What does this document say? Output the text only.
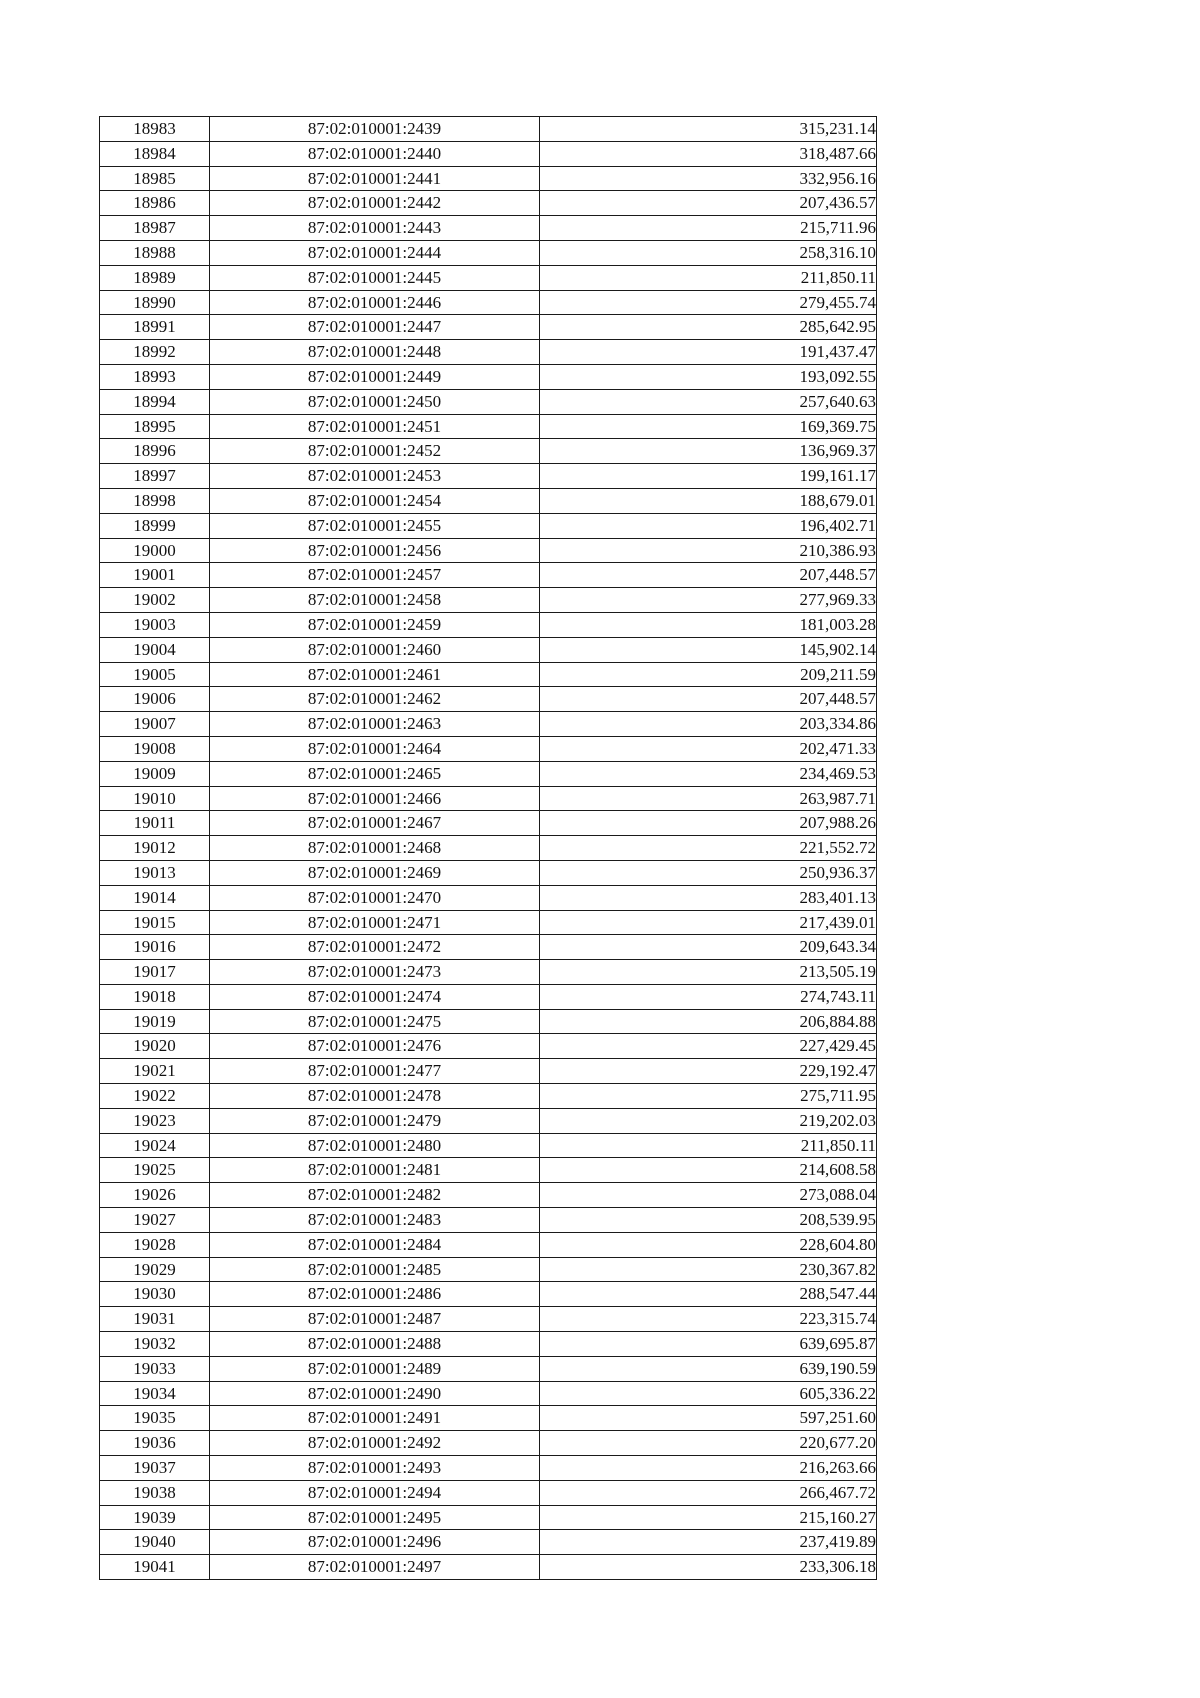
18983	87:02:010001:2439	315,231.14
18984	87:02:010001:2440	318,487.66
18985	87:02:010001:2441	332,956.16
18986	87:02:010001:2442	207,436.57
18987	87:02:010001:2443	215,711.96
18988	87:02:010001:2444	258,316.10
18989	87:02:010001:2445	211,850.11
18990	87:02:010001:2446	279,455.74
18991	87:02:010001:2447	285,642.95
18992	87:02:010001:2448	191,437.47
18993	87:02:010001:2449	193,092.55
18994	87:02:010001:2450	257,640.63
18995	87:02:010001:2451	169,369.75
18996	87:02:010001:2452	136,969.37
18997	87:02:010001:2453	199,161.17
18998	87:02:010001:2454	188,679.01
18999	87:02:010001:2455	196,402.71
19000	87:02:010001:2456	210,386.93
19001	87:02:010001:2457	207,448.57
19002	87:02:010001:2458	277,969.33
19003	87:02:010001:2459	181,003.28
19004	87:02:010001:2460	145,902.14
19005	87:02:010001:2461	209,211.59
19006	87:02:010001:2462	207,448.57
19007	87:02:010001:2463	203,334.86
19008	87:02:010001:2464	202,471.33
19009	87:02:010001:2465	234,469.53
19010	87:02:010001:2466	263,987.71
19011	87:02:010001:2467	207,988.26
19012	87:02:010001:2468	221,552.72
19013	87:02:010001:2469	250,936.37
19014	87:02:010001:2470	283,401.13
19015	87:02:010001:2471	217,439.01
19016	87:02:010001:2472	209,643.34
19017	87:02:010001:2473	213,505.19
19018	87:02:010001:2474	274,743.11
19019	87:02:010001:2475	206,884.88
19020	87:02:010001:2476	227,429.45
19021	87:02:010001:2477	229,192.47
19022	87:02:010001:2478	275,711.95
19023	87:02:010001:2479	219,202.03
19024	87:02:010001:2480	211,850.11
19025	87:02:010001:2481	214,608.58
19026	87:02:010001:2482	273,088.04
19027	87:02:010001:2483	208,539.95
19028	87:02:010001:2484	228,604.80
19029	87:02:010001:2485	230,367.82
19030	87:02:010001:2486	288,547.44
19031	87:02:010001:2487	223,315.74
19032	87:02:010001:2488	639,695.87
19033	87:02:010001:2489	639,190.59
19034	87:02:010001:2490	605,336.22
19035	87:02:010001:2491	597,251.60
19036	87:02:010001:2492	220,677.20
19037	87:02:010001:2493	216,263.66
19038	87:02:010001:2494	266,467.72
19039	87:02:010001:2495	215,160.27
19040	87:02:010001:2496	237,419.89
19041	87:02:010001:2497	233,306.18
